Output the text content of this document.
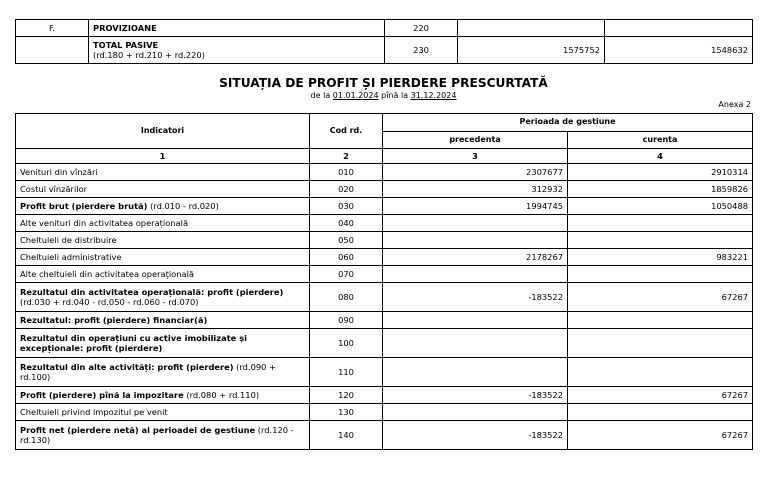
F.	PROVIZIOANE	220		

	TOTAL PASIVE
(rd.180 + rd.210 + rd.220)	230	1575752	1548632
SITUAȚIA DE PROFIT ȘI PIERDERE PRESCURTATĂ
de la 01.01.2024 pînă la 31.12.2024
Anexa 2
Indicatori	Cod rd.	Perioada de gestiune	
		precedenta	curenta
1	2	3	4
Venituri din vînzări	010	2307677	2910314
Costul vînzărilor	020	312932	1859826
Profit brut (pierdere brută) (rd.010 - rd.020)	030	1994745	1050488
Alte venituri din activitatea operațională	040		
Cheltuieli de distribuire	050		
Cheltuieli administrative	060	2178267	983221
Alte cheltuieli din activitatea operațională	070		
Rezultatul din activitatea operațională: profit (pierdere) (rd.030 + rd.040 - rd.050 - rd.060 - rd.070)	080	-183522	67267
Rezultatul: profit (pierdere) financiar(ă)	090		
Rezultatul din operațiuni cu active imobilizate și excepționale: profit (pierdere)	100		
Rezultatul din alte activități: profit (pierdere) (rd.090 + rd.100)	110		
Profit (pierdere) pînă la impozitare (rd.080 + rd.110)	120	-183522	67267
Cheltuieli privind impozitul pe venit	130		
Profit net (pierdere netă) al perioadei de gestiune (rd.120 - rd.130)	140	-183522	67267
